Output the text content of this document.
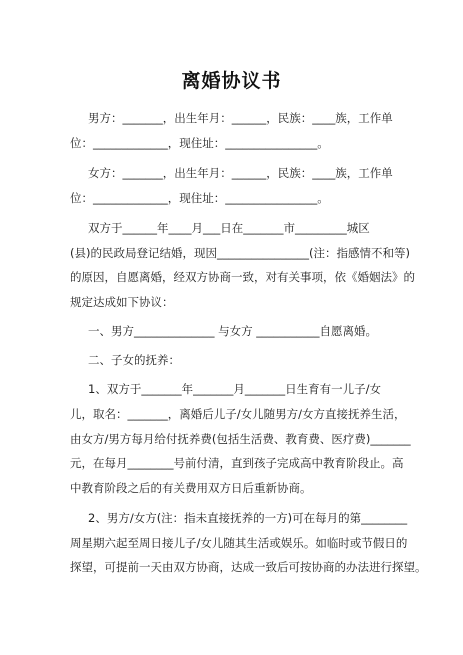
离婚协议书
男方：_______，出生年月：______，民族：____族，工作单
位：_____________，现住址：________________。
女方：_______，出生年月：______，民族：____族，工作单
位：_____________，现住址：________________。
双方于______年____月___日在_______市_________城区
(县)的民政局登记结婚，现因________________(注：指感情不和等)
的原因，自愿离婚，经双方协商一致，对有关事项，依《婚姻法》的
规定达成如下协议：
一、男方______________ 与女方 ___________自愿离婚。
二、子女的抚养：
1、双方于_______年_______月_______日生育有一儿子/女
儿，取名：_______，离婚后儿子/女儿随男方/女方直接抚养生活，
由女方/男方每月给付抚养费(包括生活费、教育费、医疗费)_______
元，在每月________号前付清，直到孩子完成高中教育阶段止。高
中教育阶段之后的有关费用双方日后重新协商。
2、男方/女方(注：指未直接抚养的一方)可在每月的第________
周星期六起至周日接儿子/女儿随其生活或娱乐。如临时或节假日的
探望，可提前一天由双方协商，达成一致后可按协商的办法进行探望。
